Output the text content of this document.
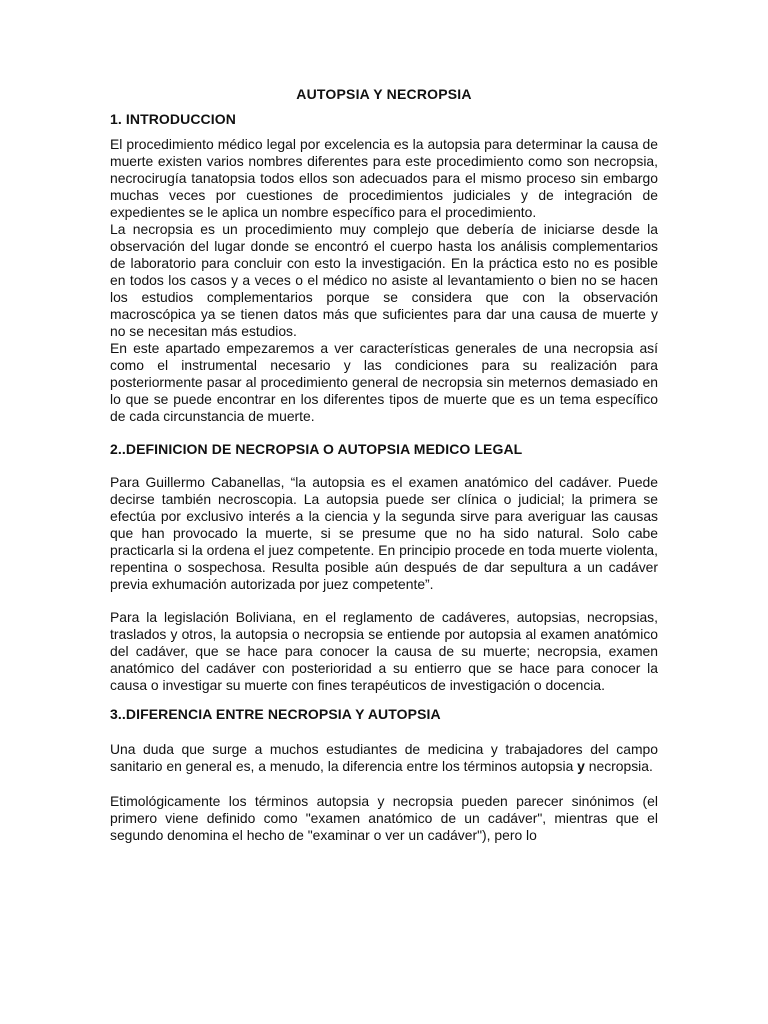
AUTOPSIA Y NECROPSIA
1. INTRODUCCION

El procedimiento médico legal por excelencia es la autopsia para determinar la causa de muerte existen varios nombres diferentes para este procedimiento como son necropsia, necrocirugía tanatopsia todos ellos son adecuados para el mismo proceso sin embargo muchas veces por cuestiones de procedimientos judiciales y de integración de expedientes se le aplica un nombre específico para el procedimiento.

La necropsia es un procedimiento muy complejo que debería de iniciarse desde la observación del lugar donde se encontró el cuerpo hasta los análisis complementarios de laboratorio para concluir con esto la investigación. En la práctica esto no es posible en todos los casos y a veces o el médico no asiste al levantamiento o bien no se hacen los estudios complementarios porque se considera que con la observación macroscópica ya se tienen datos más que suficientes para dar una causa de muerte y no se necesitan más estudios.

En este apartado empezaremos a ver características generales de una necropsia así como el instrumental necesario y las condiciones para su realización para posteriormente pasar al procedimiento general de necropsia sin meternos demasiado en lo que se puede encontrar en los diferentes tipos de muerte que es un tema específico de cada circunstancia de muerte.

2..DEFINICION DE NECROPSIA O AUTOPSIA MEDICO LEGAL

Para Guillermo Cabanellas, “la autopsia es el examen anatómico del cadáver. Puede decirse también necroscopia. La autopsia puede ser clínica o judicial; la primera se efectúa por exclusivo interés a la ciencia y la segunda sirve para averiguar las causas que han provocado la muerte, si se presume que no ha sido natural. Solo cabe practicarla si la ordena el juez competente. En principio procede en toda muerte violenta, repentina o sospechosa. Resulta posible aún después de dar sepultura a un cadáver previa exhumación autorizada por juez competente”.

Para la legislación Boliviana, en el reglamento de cadáveres, autopsias, necropsias, traslados y otros, la autopsia o necropsia se entiende por autopsia al examen anatómico del cadáver, que se hace para conocer la causa de su muerte; necropsia, examen anatómico del cadáver con posterioridad a su entierro que se hace para conocer la causa o investigar su muerte con fines terapéuticos de investigación o docencia.

3..DIFERENCIA ENTRE NECROPSIA Y AUTOPSIA

Una duda que surge a muchos estudiantes de medicina y trabajadores del campo sanitario en general es, a menudo, la diferencia entre los términos autopsia y necropsia.

Etimológicamente los términos autopsia y necropsia pueden parecer sinónimos (el primero viene definido como "examen anatómico de un cadáver", mientras que el segundo denomina el hecho de "examinar o ver un cadáver"), pero lo
